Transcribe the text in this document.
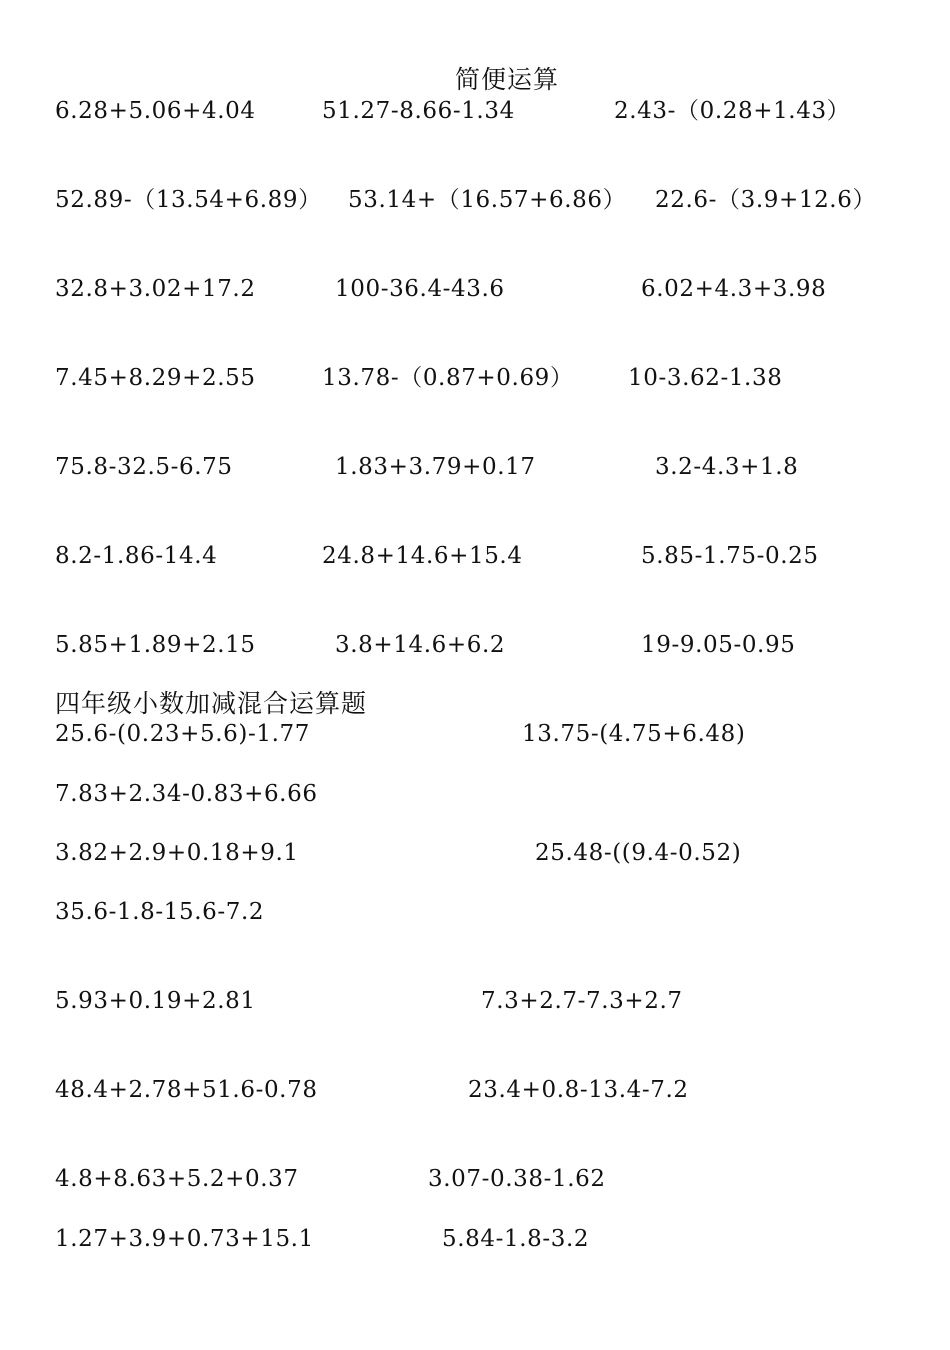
简便运算
6.28+5.06+4.04	51.27-8.66-1.34	2.43-（0.28+1.43）
52.89-（13.54+6.89） 53.14+（16.57+6.86） 22.6-（3.9+12.6）
32.8+3.02+17.2	100-36.4-43.6	6.02+4.3+3.98
7.45+8.29+2.55	13.78-（0.87+0.69） 10-3.62-1.38
75.8-32.5-6.75	1.83+3.79+0.17	3.2-4.3+1.8
8.2-1.86-14.4	24.8+14.6+15.4	5.85-1.75-0.25
5.85+1.89+2.15	3.8+14.6+6.2	19-9.05-0.95
四年级小数加减混合运算题
25.6-(0.23+5.6)-1.77	13.75-(4.75+6.48)
7.83+2.34-0.83+6.66
3.82+2.9+0.18+9.1	25.48-((9.4-0.52)
35.6-1.8-15.6-7.2
5.93+0.19+2.81	7.3+2.7-7.3+2.7
48.4+2.78+51.6-0.78	23.4+0.8-13.4-7.2
4.8+8.63+5.2+0.37	3.07-0.38-1.62
1.27+3.9+0.73+15.1	5.84-1.8-3.2
